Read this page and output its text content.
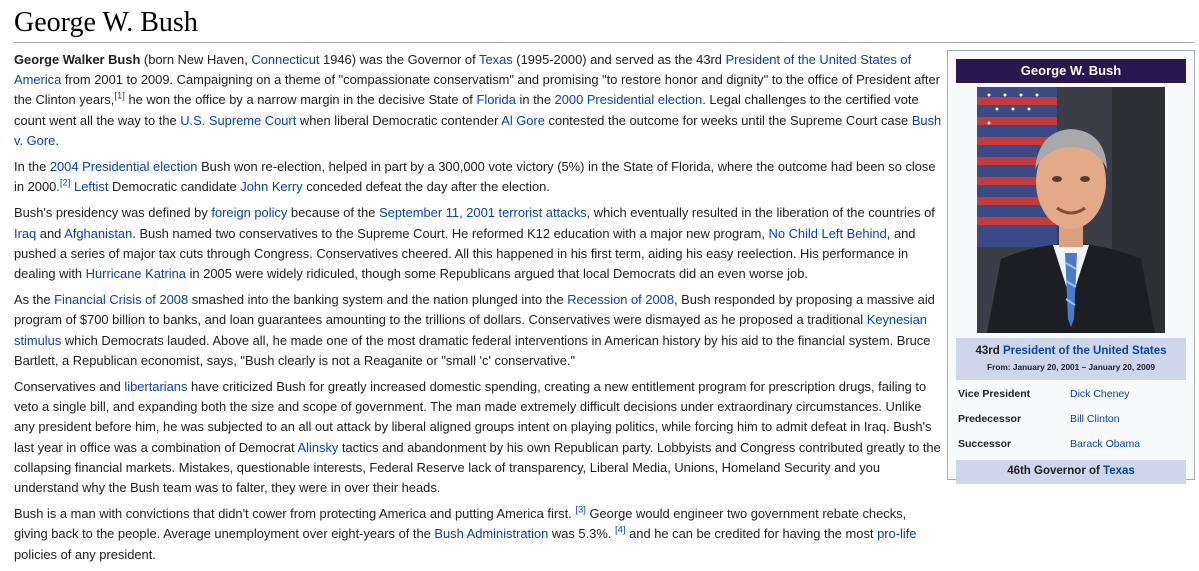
George W. Bush

George Walker Bush (born New Haven, Connecticut 1946) was the Governor of Texas (1995-2000) and served as the 43rd President of the United States of America from 2001 to 2009. Campaigning on a theme of "compassionate conservatism" and promising "to restore honor and dignity" to the office of President after the Clinton years,[1] he won the office by a narrow margin in the decisive State of Florida in the 2000 Presidential election. Legal challenges to the certified vote count went all the way to the U.S. Supreme Court when liberal Democratic contender Al Gore contested the outcome for weeks until the Supreme Court case Bush v. Gore.

In the 2004 Presidential election Bush won re-election, helped in part by a 300,000 vote victory (5%) in the State of Florida, where the outcome had been so close in 2000.[2] Leftist Democratic candidate John Kerry conceded defeat the day after the election.

Bush's presidency was defined by foreign policy because of the September 11, 2001 terrorist attacks, which eventually resulted in the liberation of the countries of Iraq and Afghanistan. Bush named two conservatives to the Supreme Court. He reformed K12 education with a major new program, No Child Left Behind, and pushed a series of major tax cuts through Congress. Conservatives cheered. All this happened in his first term, aiding his easy reelection. His performance in dealing with Hurricane Katrina in 2005 were widely ridiculed, though some Republicans argued that local Democrats did an even worse job.

As the Financial Crisis of 2008 smashed into the banking system and the nation plunged into the Recession of 2008, Bush responded by proposing a massive aid program of $700 billion to banks, and loan guarantees amounting to the trillions of dollars. Conservatives were dismayed as he proposed a traditional Keynesian stimulus which Democrats lauded. Above all, he made one of the most dramatic federal interventions in American history by his aid to the financial system. Bruce Bartlett, a Republican economist, says, "Bush clearly is not a Reaganite or "small 'c' conservative."

Conservatives and libertarians have criticized Bush for greatly increased domestic spending, creating a new entitlement program for prescription drugs, failing to veto a single bill, and expanding both the size and scope of government. The man made extremely difficult decisions under extraordinary circumstances. Unlike any president before him, he was subjected to an all out attack by liberal aligned groups intent on playing politics, while forcing him to admit defeat in Iraq. Bush's last year in office was a combination of Democrat Alinsky tactics and abandonment by his own Republican party. Lobbyists and Congress contributed greatly to the collapsing financial markets. Mistakes, questionable interests, Federal Reserve lack of transparency, Liberal Media, Unions, Homeland Security and you understand why the Bush team was to falter, they were in over their heads.

Bush is a man with convictions that didn't cower from protecting America and putting America first. [3] George would engineer two government rebate checks, giving back to the people. Average unemployment over eight-years of the Bush Administration was 5.3%. [4] and he can be credited for having the most pro-life policies of any president.

George W. Bush
43rd President of the United States
From: January 20, 2001 – January 20, 2009
Vice President	Dick Cheney
Predecessor	Bill Clinton
Successor	Barack Obama
46th Governor of Texas
